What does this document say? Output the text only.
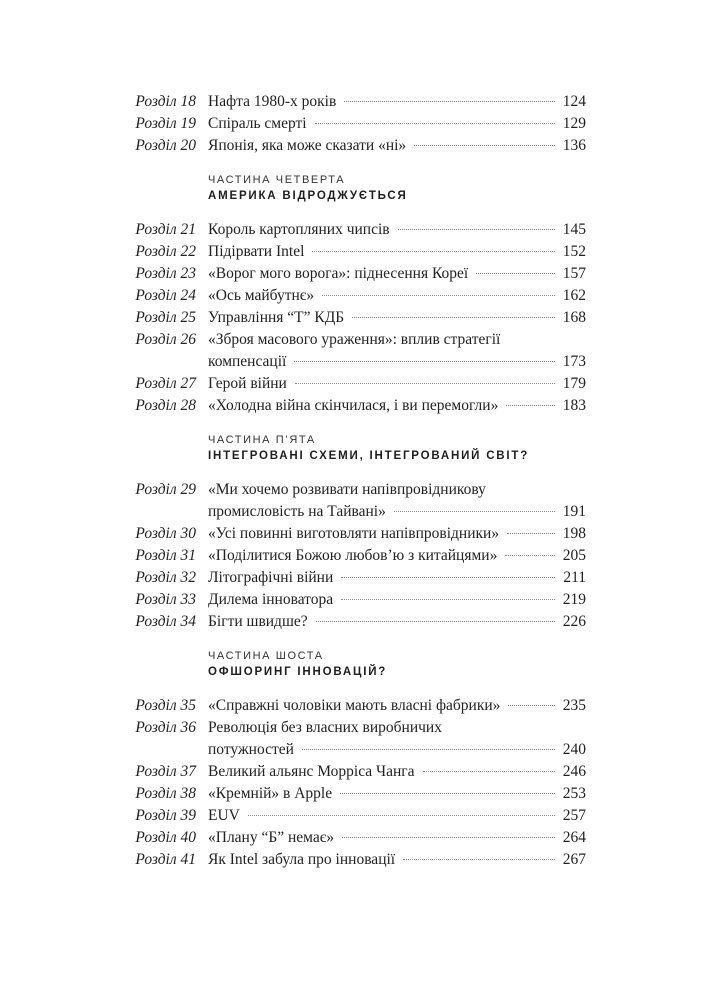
Розділ 18 Нафта 1980-х років	124
Розділ 19 Спіраль смерті	129
Розділ 20 Японія, яка може сказати «ні»	136
ЧАСТИНА ЧЕТВЕРТА
АМЕРИКА ВІДРОДЖУЄТЬСЯ
Розділ 21 Король картопляних чипсів	145
Розділ 22 Підірвати Intel	152
Розділ 23 «Ворог мого ворога»: піднесення Кореї	157
Розділ 24 «Ось майбутнє»	162
Розділ 25 Управління “Т” КДБ	168
Розділ 26 «Зброя масового ураження»: вплив стратегії
компенсації	173
Розділ 27 Герой війни	179
Розділ 28 «Холодна війна скінчилася, і ви перемогли»	183
ЧАСТИНА П’ЯТА
ІНТЕГРОВАНІ СХЕМИ, ІНТЕГРОВАНИЙ СВІТ?
Розділ 29 «Ми хочемо розвивати напівпровідникову
промисловість на Тайвані»	191
Розділ 30 «Усі повинні виготовляти напівпровідники»	198
Розділ 31 «Поділитися Божою любов’ю з китайцями»	205
Розділ 32 Літографічні війни	211
Розділ 33 Дилема інноватора	219
Розділ 34 Бігти швидше?	226
ЧАСТИНА ШОСТА
ОФШОРИНГ ІННОВАЦІЙ?
Розділ 35 «Справжні чоловіки мають власні фабрики»	235
Розділ 36 Революція без власних виробничих
потужностей	240
Розділ 37 Великий альянс Морріса Чанга	246
Розділ 38 «Кремній» в Apple	253
Розділ 39 EUV	257
Розділ 40 «Плану “Б” немає»	264
Розділ 41 Як Intel забула про інновації	267
